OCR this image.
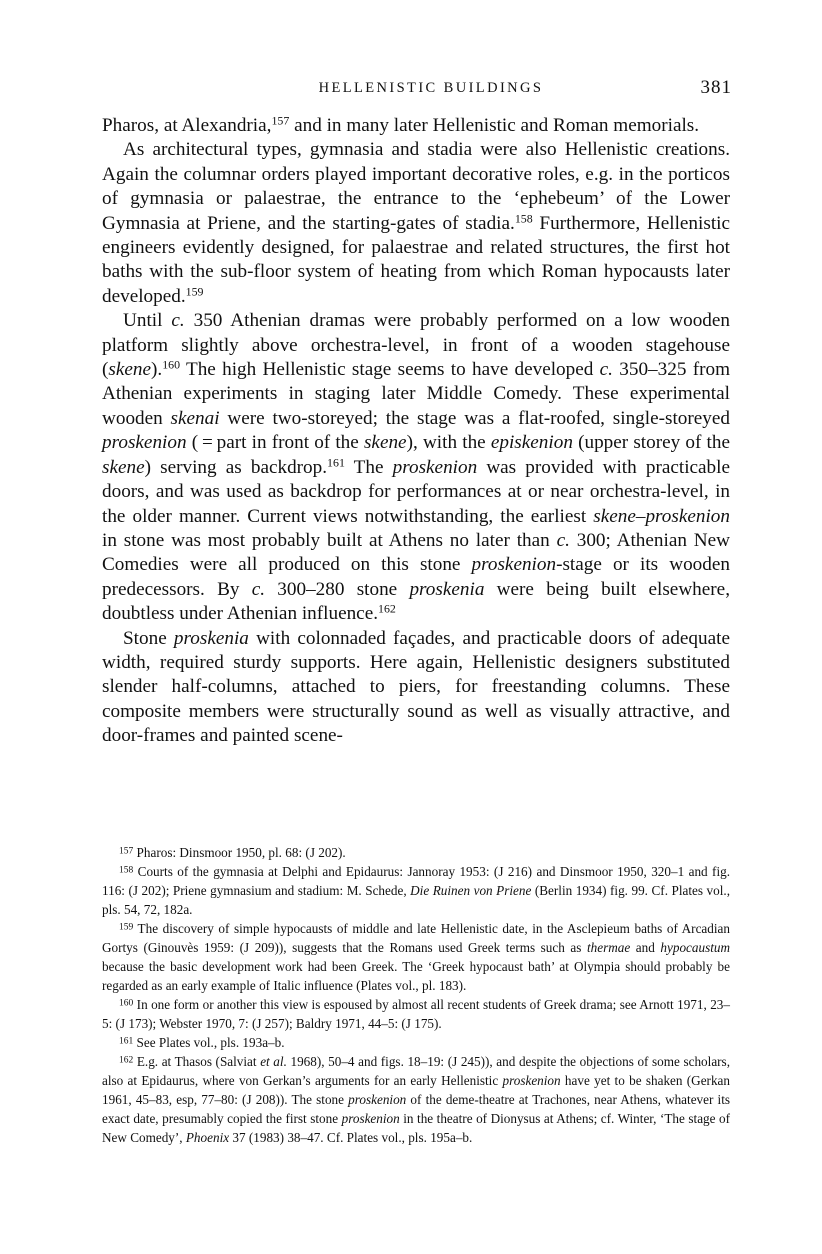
HELLENISTIC BUILDINGS	381

Pharos, at Alexandria,$^{157}$ and in many later Hellenistic and Roman memorials.

As architectural types, gymnasia and stadia were also Hellenistic creations. Again the columnar orders played important decorative roles, e.g. in the porticos of gymnasia or palaestrae, the entrance to the ‘ephebeum’ of the Lower Gymnasia at Priene, and the starting-gates of stadia.$^{158}$ Furthermore, Hellenistic engineers evidently designed, for palaestrae and related structures, the first hot baths with the sub-floor system of heating from which Roman hypocausts later developed.$^{159}$

Until c. 350 Athenian dramas were probably performed on a low wooden platform slightly above orchestra-level, in front of a wooden stagehouse (skene).$^{160}$ The high Hellenistic stage seems to have developed c. 350–325 from Athenian experiments in staging later Middle Comedy. These experimental wooden skenai were two-storeyed; the stage was a flat-roofed, single-storeyed proskenion ( = part in front of the skene), with the episkenion (upper storey of the skene) serving as backdrop.$^{161}$ The proskenion was provided with practicable doors, and was used as backdrop for performances at or near orchestra-level, in the older manner. Current views notwithstanding, the earliest skene–proskenion in stone was most probably built at Athens no later than c. 300; Athenian New Comedies were all produced on this stone proskenion-stage or its wooden predecessors. By c. 300–280 stone proskenia were being built elsewhere, doubtless under Athenian influence.$^{162}$

Stone proskenia with colonnaded façades, and practicable doors of adequate width, required sturdy supports. Here again, Hellenistic designers substituted slender half-columns, attached to piers, for freestanding columns. These composite members were structurally sound as well as visually attractive, and door-frames and painted scene-

$^{157}$ Pharos: Dinsmoor 1950, pl. 68: (J 202).

$^{158}$ Courts of the gymnasia at Delphi and Epidaurus: Jannoray 1953: (J 216) and Dinsmoor 1950, 320–1 and fig. 116: (J 202); Priene gymnasium and stadium: M. Schede, Die Ruinen von Priene (Berlin 1934) fig. 99. Cf. Plates vol., pls. 54, 72, 182a.

$^{159}$ The discovery of simple hypocausts of middle and late Hellenistic date, in the Asclepieum baths of Arcadian Gortys (Ginouvès 1959: (J 209)), suggests that the Romans used Greek terms such as thermae and hypocaustum because the basic development work had been Greek. The ‘Greek hypocaust bath’ at Olympia should probably be regarded as an early example of Italic influence (Plates vol., pl. 183).

$^{160}$ In one form or another this view is espoused by almost all recent students of Greek drama; see Arnott 1971, 23–5: (J 173); Webster 1970, 7: (J 257); Baldry 1971, 44–5: (J 175).

$^{161}$ See Plates vol., pls. 193a–b.

$^{162}$ E.g. at Thasos (Salviat et al. 1968), 50–4 and figs. 18–19: (J 245)), and despite the objections of some scholars, also at Epidaurus, where von Gerkan’s arguments for an early Hellenistic proskenion have yet to be shaken (Gerkan 1961, 45–83, esp, 77–80: (J 208)). The stone proskenion of the deme-theatre at Trachones, near Athens, whatever its exact date, presumably copied the first stone proskenion in the theatre of Dionysus at Athens; cf. Winter, ‘The stage of New Comedy’, Phoenix 37 (1983) 38–47. Cf. Plates vol., pls. 195a–b.
